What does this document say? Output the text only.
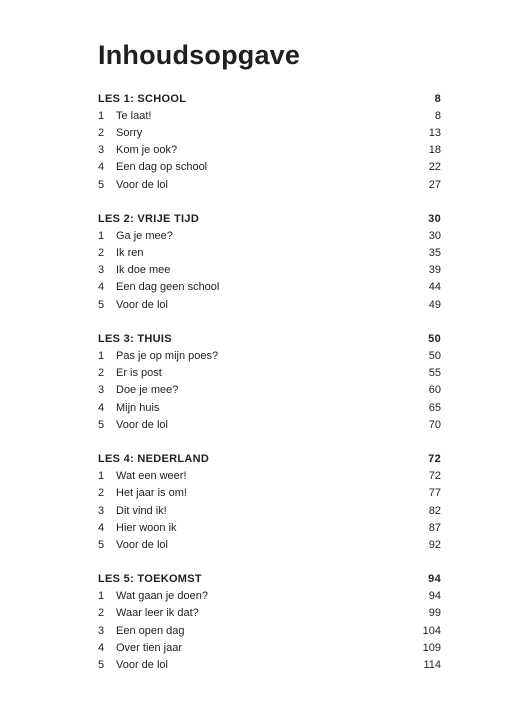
Inhoudsopgave
LES 1: SCHOOL	8
1	Te laat!	8
2	Sorry	13
3	Kom je ook?	18
4	Een dag op school	22
5	Voor de lol	27
LES 2: VRIJE TIJD	30
1	Ga je mee?	30
2	Ik ren	35
3	Ik doe mee	39
4	Een dag geen school	44
5	Voor de lol	49
LES 3: THUIS	50
1	Pas je op mijn poes?	50
2	Er is post	55
3	Doe je mee?	60
4	Mijn huis	65
5	Voor de lol	70
LES 4: NEDERLAND	72
1	Wat een weer!	72
2	Het jaar is om!	77
3	Dit vind ik!	82
4	Hier woon ik	87
5	Voor de lol	92
LES 5: TOEKOMST	94
1	Wat gaan je doen?	94
2	Waar leer ik dat?	99
3	Een open dag	104
4	Over tien jaar	109
5	Voor de lol	114
